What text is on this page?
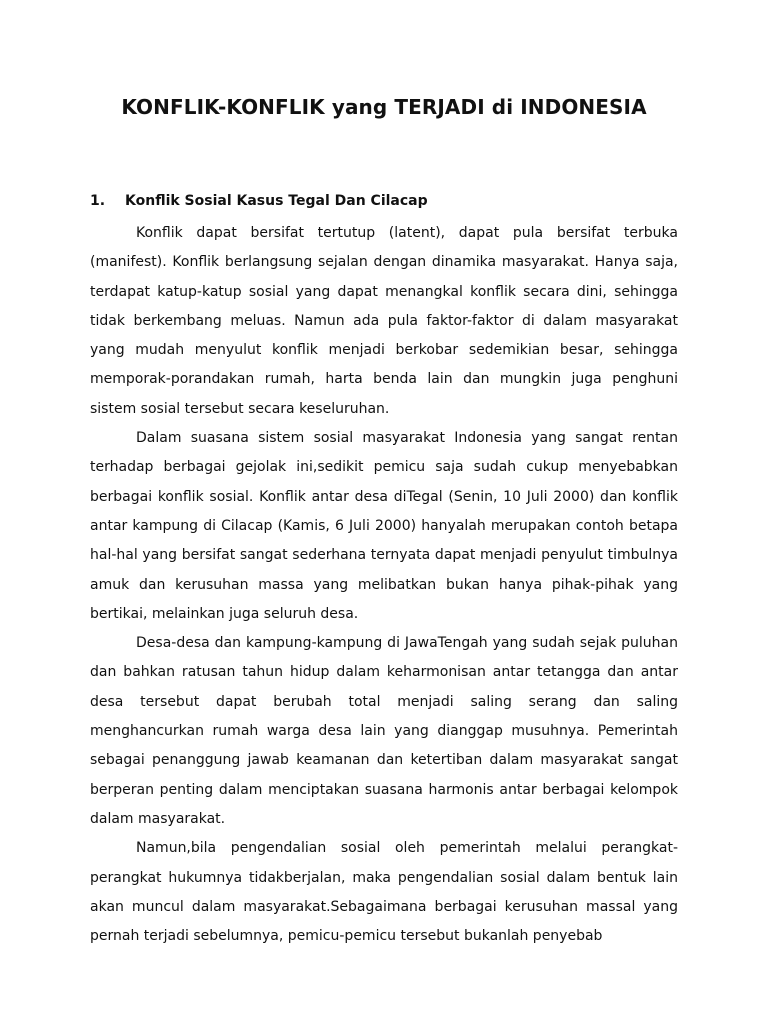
KONFLIK-KONFLIK yang TERJADI di INDONESIA
1. Konflik Sosial Kasus Tegal Dan Cilacap

Konflik dapat bersifat tertutup (latent), dapat pula bersifat terbuka (manifest). Konflik berlangsung sejalan dengan dinamika masyarakat. Hanya saja, terdapat katup-katup sosial yang dapat menangkal konflik secara dini, sehingga tidak berkembang meluas. Namun ada pula faktor-faktor di dalam masyarakat yang mudah menyulut konflik menjadi berkobar sedemikian besar, sehingga memporak-porandakan rumah, harta benda lain dan mungkin juga penghuni sistem sosial tersebut secara keseluruhan.

Dalam suasana sistem sosial masyarakat Indonesia yang sangat rentan terhadap berbagai gejolak ini,sedikit pemicu saja sudah cukup menyebabkan berbagai konflik sosial. Konflik antar desa diTegal (Senin, 10 Juli 2000) dan konflik antar kampung di Cilacap (Kamis, 6 Juli 2000) hanyalah merupakan contoh betapa hal-hal yang bersifat sangat sederhana ternyata dapat menjadi penyulut timbulnya amuk dan kerusuhan massa yang melibatkan bukan hanya pihak-pihak yang bertikai, melainkan juga seluruh desa.

Desa-desa dan kampung-kampung di JawaTengah yang sudah sejak puluhan dan bahkan ratusan tahun hidup dalam keharmonisan antar tetangga dan antar desa tersebut dapat berubah total menjadi saling serang dan saling menghancurkan rumah warga desa lain yang dianggap musuhnya. Pemerintah sebagai penanggung jawab keamanan dan ketertiban dalam masyarakat sangat berperan penting dalam menciptakan suasana harmonis antar berbagai kelompok dalam masyarakat.

Namun,bila pengendalian sosial oleh pemerintah melalui perangkat-perangkat hukumnya tidakberjalan, maka pengendalian sosial dalam bentuk lain akan muncul dalam masyarakat.Sebagaimana berbagai kerusuhan massal yang pernah terjadi sebelumnya, pemicu-pemicu tersebut bukanlah penyebab
